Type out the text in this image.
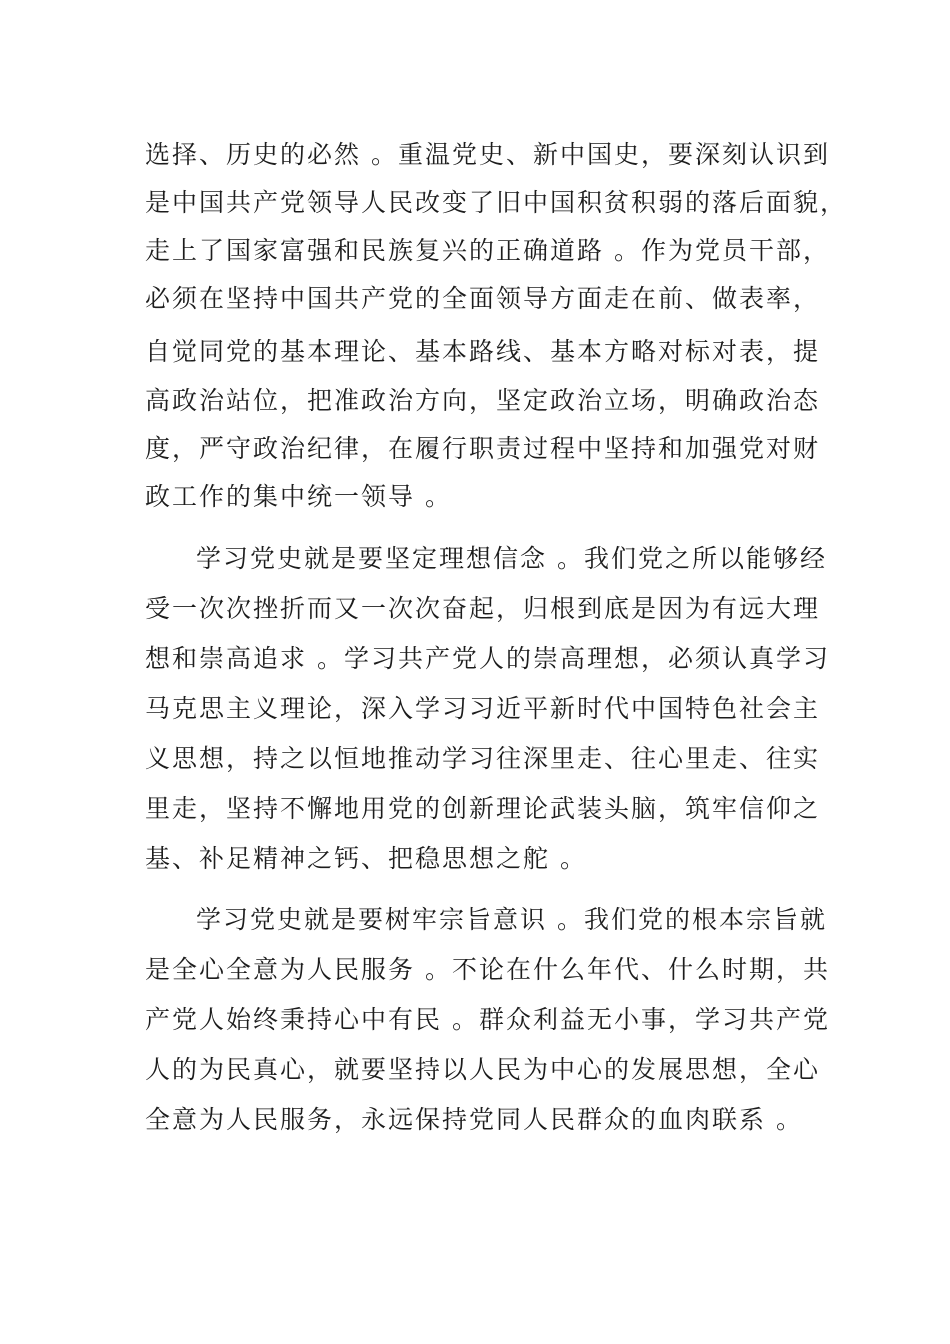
选择、历史的必然 。重温党史、新中国史，要深刻认识到
是中国共产党领导人民改变了旧中国积贫积弱的落后面貌，
走上了国家富强和民族复兴的正确道路 。作为党员干部，
必须在坚持中国共产党的全面领导方面走在前、做表率，
自觉同党的基本理论、基本路线、基本方略对标对表，提
高政治站位，把准政治方向，坚定政治立场，明确政治态
度，严守政治纪律，在履行职责过程中坚持和加强党对财
政工作的集中统一领导 。
学习党史就是要坚定理想信念 。我们党之所以能够经
受一次次挫折而又一次次奋起，归根到底是因为有远大理
想和崇高追求 。学习共产党人的崇高理想，必须认真学习
马克思主义理论，深入学习习近平新时代中国特色社会主
义思想，持之以恒地推动学习往深里走、往心里走、往实
里走，坚持不懈地用党的创新理论武装头脑，筑牢信仰之
基、补足精神之钙、把稳思想之舵 。
学习党史就是要树牢宗旨意识 。我们党的根本宗旨就
是全心全意为人民服务 。不论在什么年代、什么时期，共
产党人始终秉持心中有民 。群众利益无小事，学习共产党
人的为民真心，就要坚持以人民为中心的发展思想，全心
全意为人民服务，永远保持党同人民群众的血肉联系 。
